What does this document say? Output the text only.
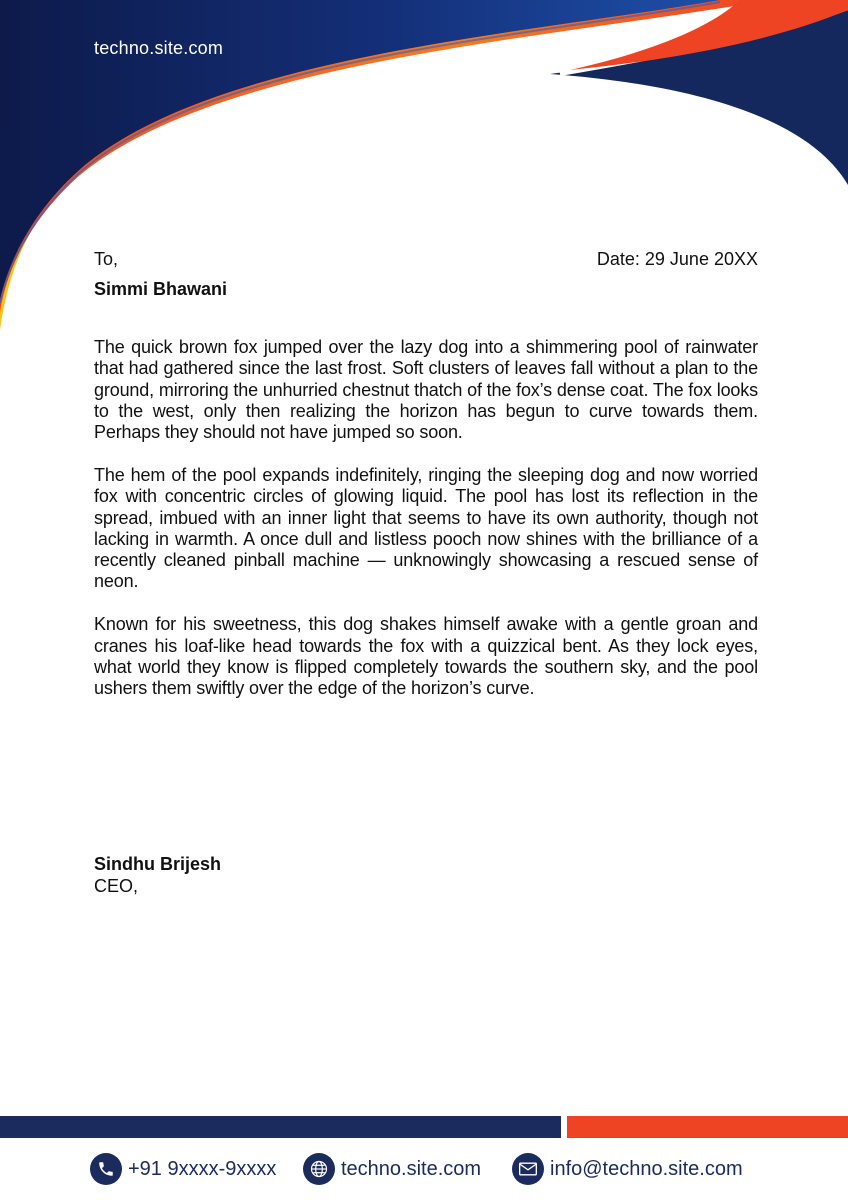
techno.site.com
To,	Date: 29 June 20XX
Simmi Bhawani

The quick brown fox jumped over the lazy dog into a shimmering pool of rainwater that had gathered since the last frost. Soft clusters of leaves fall without a plan to the ground, mirroring the unhurried chestnut thatch of the fox’s dense coat. The fox looks to the west, only then realizing the horizon has begun to curve towards them. Perhaps they should not have jumped so soon.

The hem of the pool expands indefinitely, ringing the sleeping dog and now worried fox with concentric circles of glowing liquid. The pool has lost its reflection in the spread, imbued with an inner light that seems to have its own authority, though not lacking in warmth. A once dull and listless pooch now shines with the brilliance of a recently cleaned pinball machine — unknowingly showcasing a rescued sense of neon.

Known for his sweetness, this dog shakes himself awake with a gentle groan and cranes his loaf-like head towards the fox with a quizzical bent. As they lock eyes, what world they know is flipped completely towards the southern sky, and the pool ushers them swiftly over the edge of the horizon’s curve.

Sindhu Brijesh
CEO,
+91 9xxxx-9xxxx	techno.site.com	info@techno.site.com
